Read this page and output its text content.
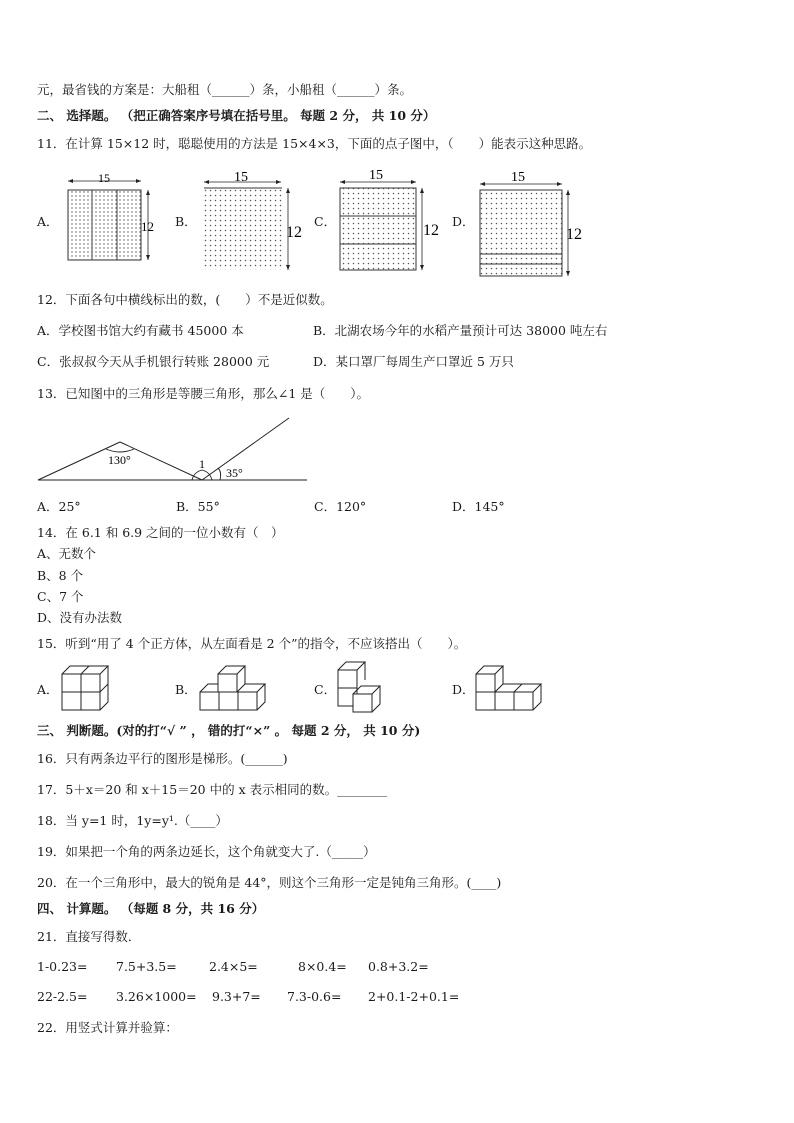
元，最省钱的方案是：大船租（______）条，小船租（______）条。
二、 选择题。 （把正确答案序号填在括号里。 每题 2 分， 共 10 分）
11．在计算 15×12 时，聪聪使用的方法是 15×4×3，下面的点子图中，（　　）能表示这种思路。
A．
15
12 B．
15
12
C．
15
12
D．
15
12
12．下面各句中横线标出的数，(　　）不是近似数。
A．学校图书馆大约有藏书 45000 本	B．北湖农场今年的水稻产量预计可达 38000 吨左右
C．张叔叔今天从手机银行转账 28000 元	D．某口罩厂每周生产口罩近 5 万只
13．已知图中的三角形是等腰三角形，那么∠1 是（　　）。
130°	1
35°
A．25°	B．55°	C．120°	D．145°
14．在 6.1 和 6.9 之间的一位小数有（　）
A、无数个
B、8 个
C、7 个
D、没有办法数
15．听到“用了 4 个正方体，从左面看是 2 个”的指令，不应该搭出（　　）。
A．	B．	C．	D．
三、 判断题。(对的打“√ ” ， 错的打“×” 。 每题 2 分， 共 10 分)
16．只有两条边平行的图形是梯形。(______)
17．5＋x＝20 和 x＋15＝20 中的 x 表示相同的数。________
18．当 y=1 时，1y=y¹.（____）
19．如果把一个角的两条边延长，这个角就变大了.（_____）
20．在一个三角形中，最大的锐角是 44°，则这个三角形一定是钝角三角形。(____)
四、 计算题。 （每题 8 分，共 16 分）
21．直接写得数．
1-0.23= 7.5+3.5=	2.4×5=	8×0.4= 0.8+3.2=
22-2.5= 3.26×1000= 9.3+7= 7.3-0.6= 2+0.1-2+0.1=
22．用竖式计算并验算：
